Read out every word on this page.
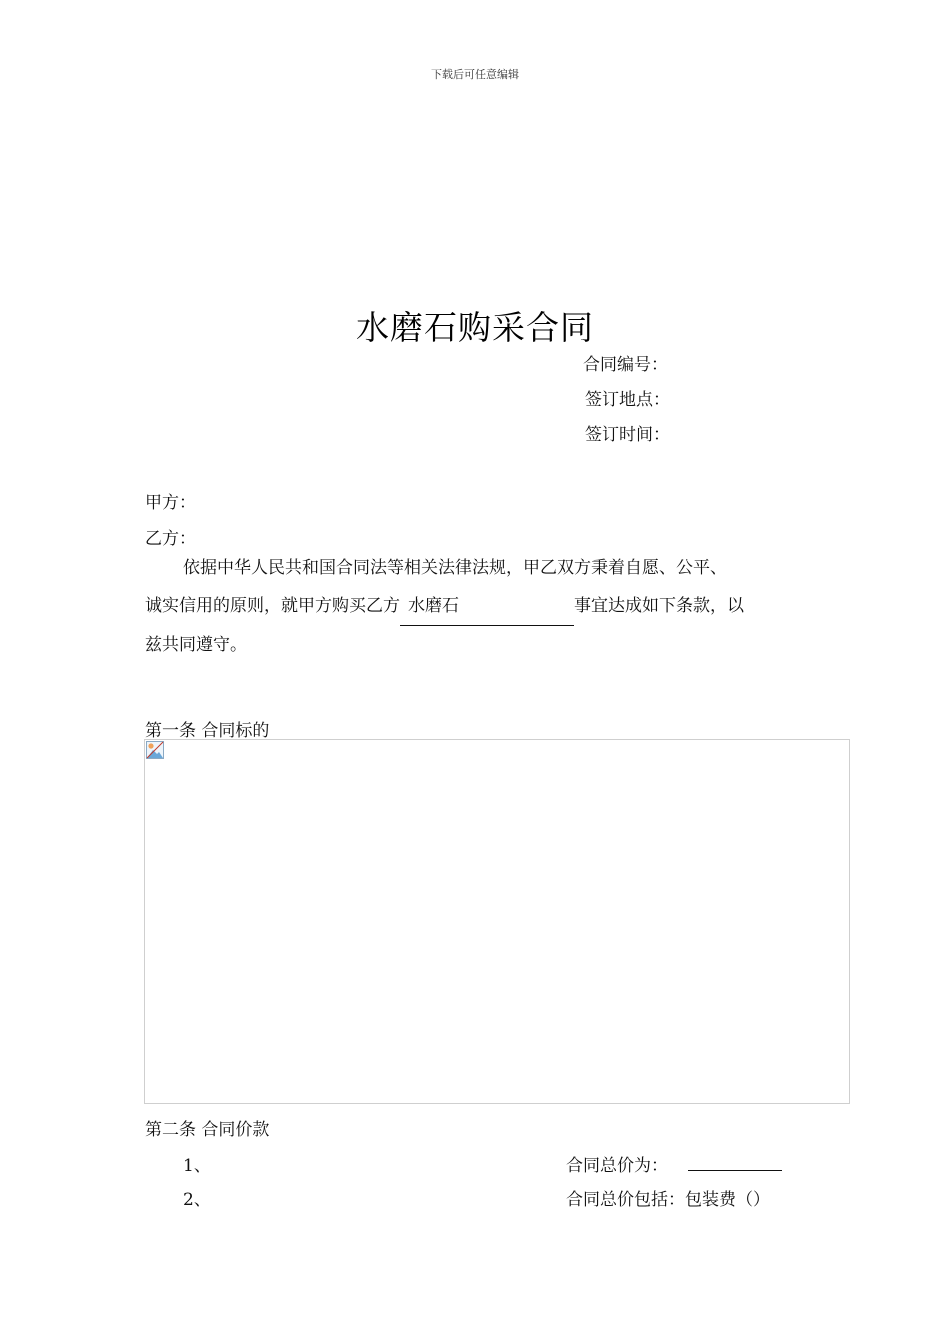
下载后可任意编辑
水磨石购采合同
合同编号：
签订地点：
签订时间：
甲方：
乙方：
依据中华人民共和国合同法等相关法律法规，甲乙双方秉着自愿、公平、
诚实信用的原则，就甲方购买乙方 水磨石	事宜达成如下条款，以
兹共同遵守。
第一条 合同标的
第二条 合同价款
1、	合同总价为：
2、	合同总价包括：包装费（）
